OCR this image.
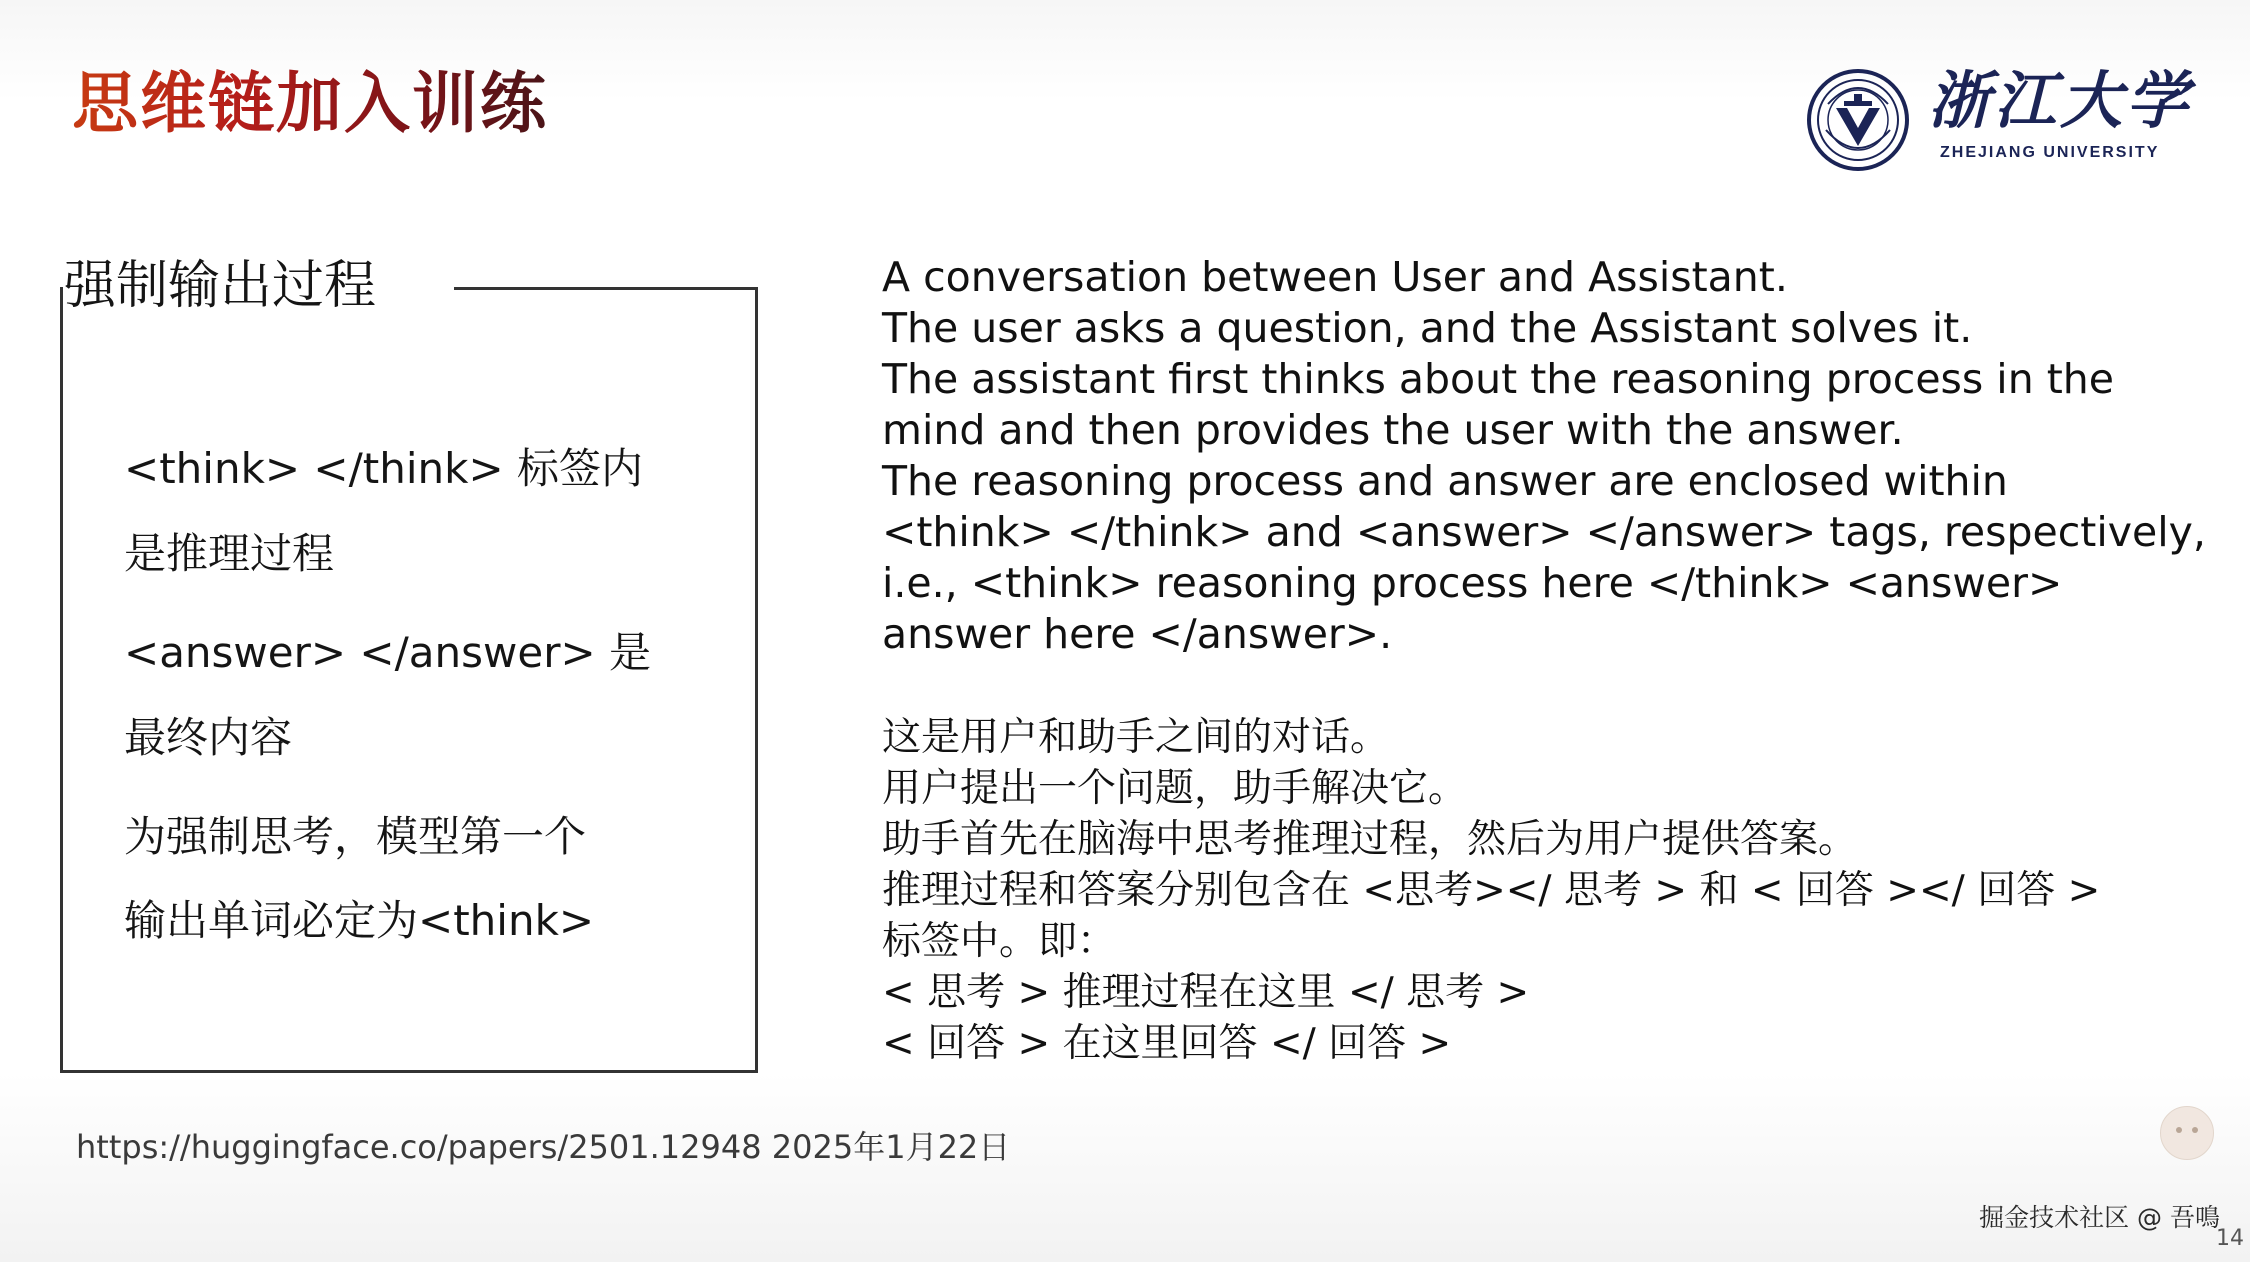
思维链加入训练	浙江大学
ZHEJIANG UNIVERSITY
强制输出过程
<think> </think> 标签内
是推理过程
<answer> </answer> 是
最终内容
为强制思考，模型第一个
输出单词必定为<think>
A conversation between User and Assistant.
The user asks a question, and the Assistant solves it.
The assistant first thinks about the reasoning process in the
mind and then provides the user with the answer.
The reasoning process and answer are enclosed within
<think> </think> and <answer> </answer> tags, respectively,
i.e., <think> reasoning process here </think> <answer>
answer here </answer>.
这是用户和助手之间的对话。
用户提出一个问题，助手解决它。
助手首先在脑海中思考推理过程，然后为用户提供答案。
推理过程和答案分别包含在 <思考></ 思考 > 和 < 回答 ></ 回答 >
标签中。即：
< 思考 > 推理过程在这里 </ 思考 >
< 回答 > 在这里回答 </ 回答 >
https://huggingface.co/papers/2501.12948 2025年1月22日
掘金技术社区 @ 吾鳴
14
